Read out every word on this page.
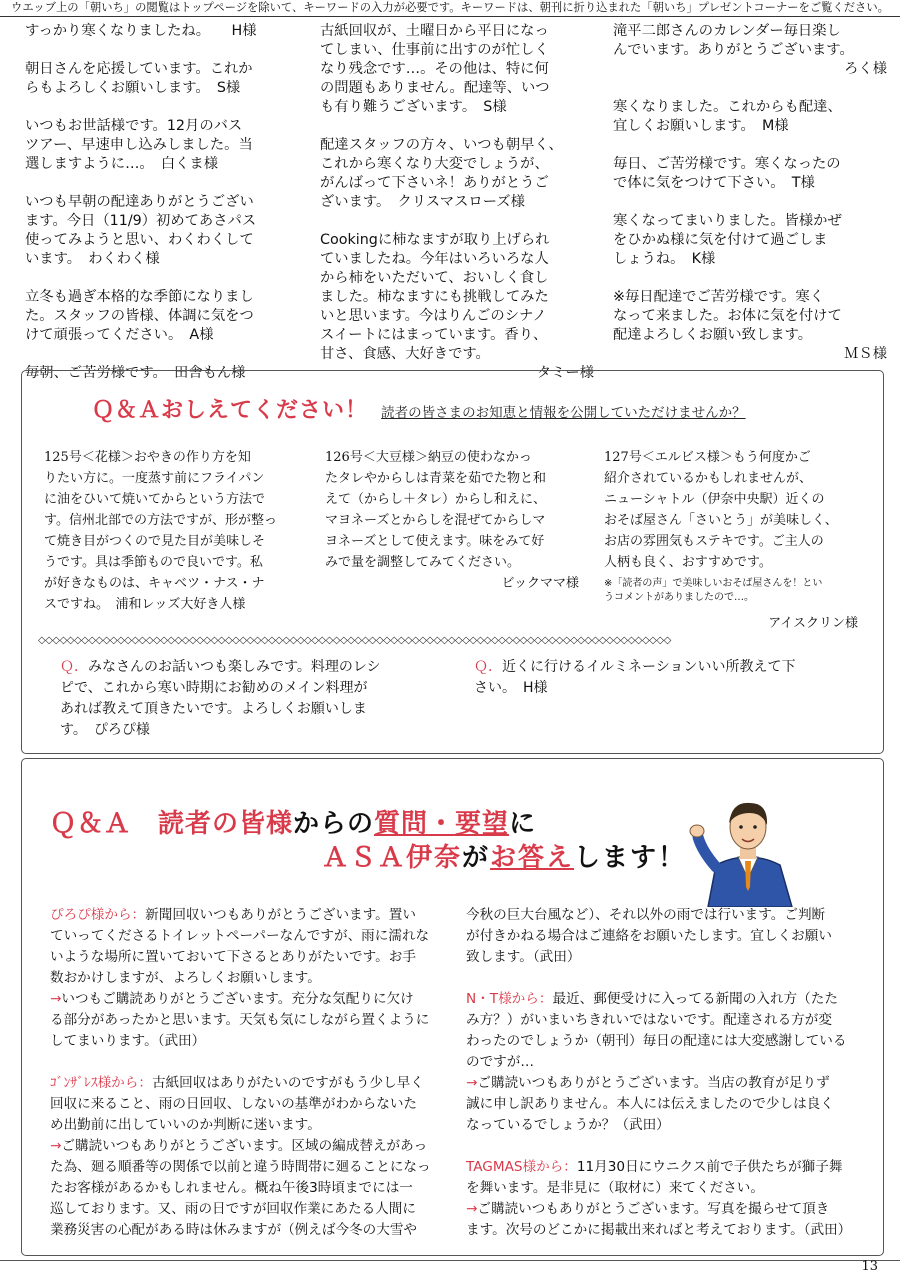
ウエッブ上の「朝いち」の閲覧はトップページを除いて、キーワードの入力が必要です。キーワードは、朝刊に折り込まれた「朝いち」プレゼントコーナーをご覧ください。

すっかり寒くなりましたね。　　H様

朝日さんを応援しています。これか

らもよろしくお願いします。　S様

いつもお世話様です。12月のバス

ツアー、早速申し込みしました。当

選しますように…。　白くま様

いつも早朝の配達ありがとうござい

ます。今日（11/9）初めてあさパス

使ってみようと思い、わくわくして

います。　わくわく様

立冬も過ぎ本格的な季節になりまし

た。スタッフの皆様、体調に気をつ

けて頑張ってください。　A様

毎朝、ご苦労様です。　田舎もん様

古紙回収が、土曜日から平日になっ

てしまい、仕事前に出すのが忙しく

なり残念です…。その他は、特に何

の問題もありません。配達等、いつ

も有り難うございます。　S様

配達スタッフの方々、いつも朝早く、

これから寒くなり大変でしょうが、

がんばって下さいネ！ありがとうご

ざいます。　クリスマスローズ様

Cookingに柿なますが取り上げられ

ていましたね。今年はいろいろな人

から柿をいただいて、おいしく食し

ました。柿なますにも挑戦してみた

いと思います。今はりんごのシナノ

スイートにはまっています。香り、

甘さ、食感、大好きです。

タミー様

滝平二郎さんのカレンダー毎日楽し

んでいます。ありがとうございます。

ろく様

寒くなりました。これからも配達、

宜しくお願いします。　M様

毎日、ご苦労様です。寒くなったの

で体に気をつけて下さい。　T様

寒くなってまいりました。皆様かぜ

をひかぬ様に気を付けて過ごしま

しょうね。　K様

※毎日配達でご苦労様です。寒く

なって来ました。お体に気を付けて

配達よろしくお願い致します。

ＭＳ様

Ｑ＆Ａおしえてください！ 読者の皆さまのお知恵と情報を公開していただけませんか？

125号＜花様＞おやきの作り方を知

りたい方に。一度蒸す前にフライパン

に油をひいて焼いてからという方法で

す。信州北部での方法ですが、形が整っ

て焼き目がつくので見た目が美味しそ

うです。具は季節もので良いです。私

が好きなものは、キャベツ・ナス・ナ

スですね。　浦和レッズ大好き人様

126号＜大豆様＞納豆の使わなかっ

たタレやからしは青菜を茹でた物と和

えて（からし＋タレ）からし和えに、

マヨネーズとからしを混ぜてからしマ

ヨネーズとして使えます。味をみて好

みで量を調整してみてください。

ビックママ様

127号＜エルビス様＞もう何度かご

紹介されているかもしれませんが、

ニューシャトル（伊奈中央駅）近くの

おそば屋さん「さいとう」が美味しく、

お店の雰囲気もステキです。ご主人の

人柄も良く、おすすめです。

※「読者の声」で美味しいおそば屋さんを！とい

うコメントがありましたので…。

アイスクリン様

◇◇◇◇◇◇◇◇◇◇◇◇◇◇◇◇◇◇◇◇◇◇◇◇◇◇◇◇◇◇◇◇◇◇◇◇◇◇◇◇◇◇◇◇◇◇◇◇◇◇◇◇◇◇◇◇◇◇◇◇◇◇◇◇◇◇◇◇◇◇◇◇◇◇◇◇◇◇◇◇◇◇◇◇◇◇◇◇

Ｑ．みなさんのお話いつも楽しみです。料理のレシ

ピで、これから寒い時期にお勧めのメイン料理が

あれば教えて頂きたいです。よろしくお願いしま

す。　ぴろぴ様

Ｑ．近くに行けるイルミネーションいい所教えて下

さい。　H様

Ｑ＆Ａ　読者の皆様からの質問・要望に
ＡＳＡ伊奈がお答えします！

ぴろぴ様から：新聞回収いつもありがとうございます。置い

ていってくださるトイレットペーパーなんですが、雨に濡れな

いような場所に置いておいて下さるとありがたいです。お手

数おかけしますが、よろしくお願いします。

→いつもご購読ありがとうございます。充分な気配りに欠け

る部分があったかと思います。天気も気にしながら置くように

してまいります。（武田）

ｺﾞﾝｻﾞﾚｽ様から：古紙回収はありがたいのですがもう少し早く

回収に来ること、雨の日回収、しないの基準がわからないた

め出勤前に出していいのか判断に迷います。

→ご購読いつもありがとうございます。区域の編成替えがあっ

た為、廻る順番等の関係で以前と違う時間帯に廻ることになっ

たお客様があるかもしれません。概ね午後3時頃までには一

巡しております。又、雨の日ですが回収作業にあたる人間に

業務災害の心配がある時は休みますが（例えば今冬の大雪や

今秋の巨大台風など）、それ以外の雨では行います。ご判断

が付きかねる場合はご連絡をお願いたします。宜しくお願い

致します。（武田）

N・T様から：最近、郵便受けに入ってる新聞の入れ方（たた

み方？）がいまいちきれいではないです。配達される方が変

わったのでしょうか（朝刊）毎日の配達には大変感謝している

のですが…

→ご購読いつもありがとうございます。当店の教育が足りず

誠に申し訳ありません。本人には伝えましたので少しは良く

なっているでしょうか？（武田）

TAGMAS様から：11月30日にウニクス前で子供たちが獅子舞

を舞います。是非見に（取材に）来てください。

→ご購読いつもありがとうございます。写真を撮らせて頂き

ます。次号のどこかに掲載出来ればと考えております。（武田）

13
